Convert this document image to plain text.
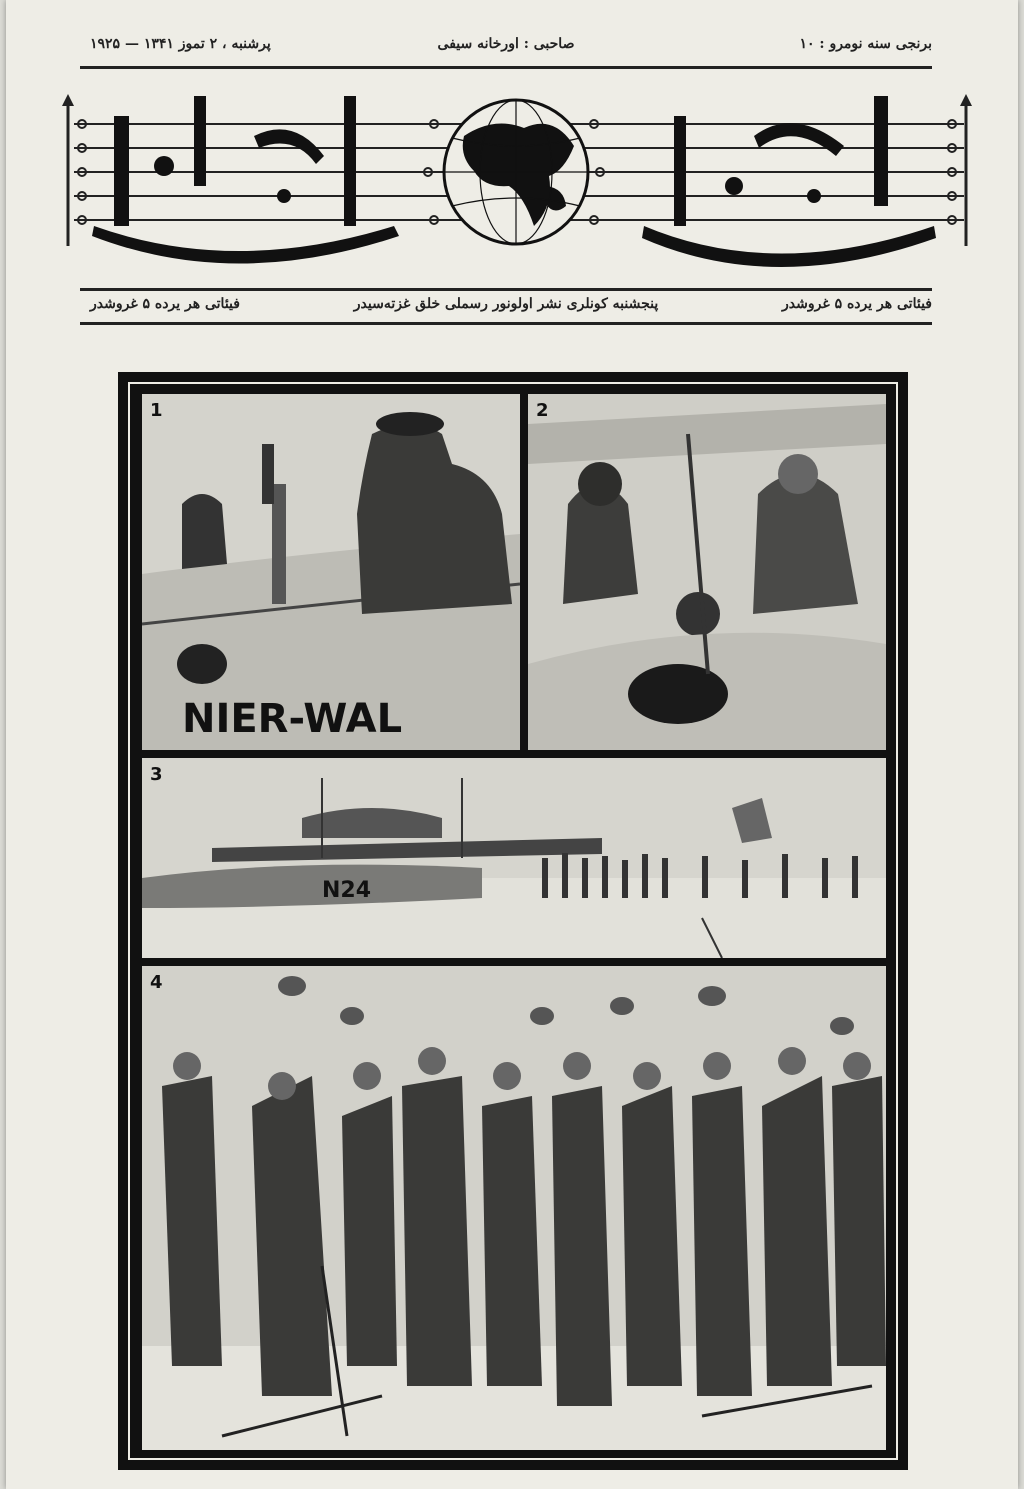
پرشنبه ، ۲ تموز ۱۳۴۱ — ۱۹۲۵	صاحبی : اورخانه سیفی	برنجی سنه نومرو : ۱۰
فیئاتی هر یرده ۵ غروشدر	پنجشنبه کونلری نشر اولونور رسملی خلق غزته‌سیدر	فیئاتی هر یرده ۵ غروشدر
1
NIER-WAL
2
3
N24
4
